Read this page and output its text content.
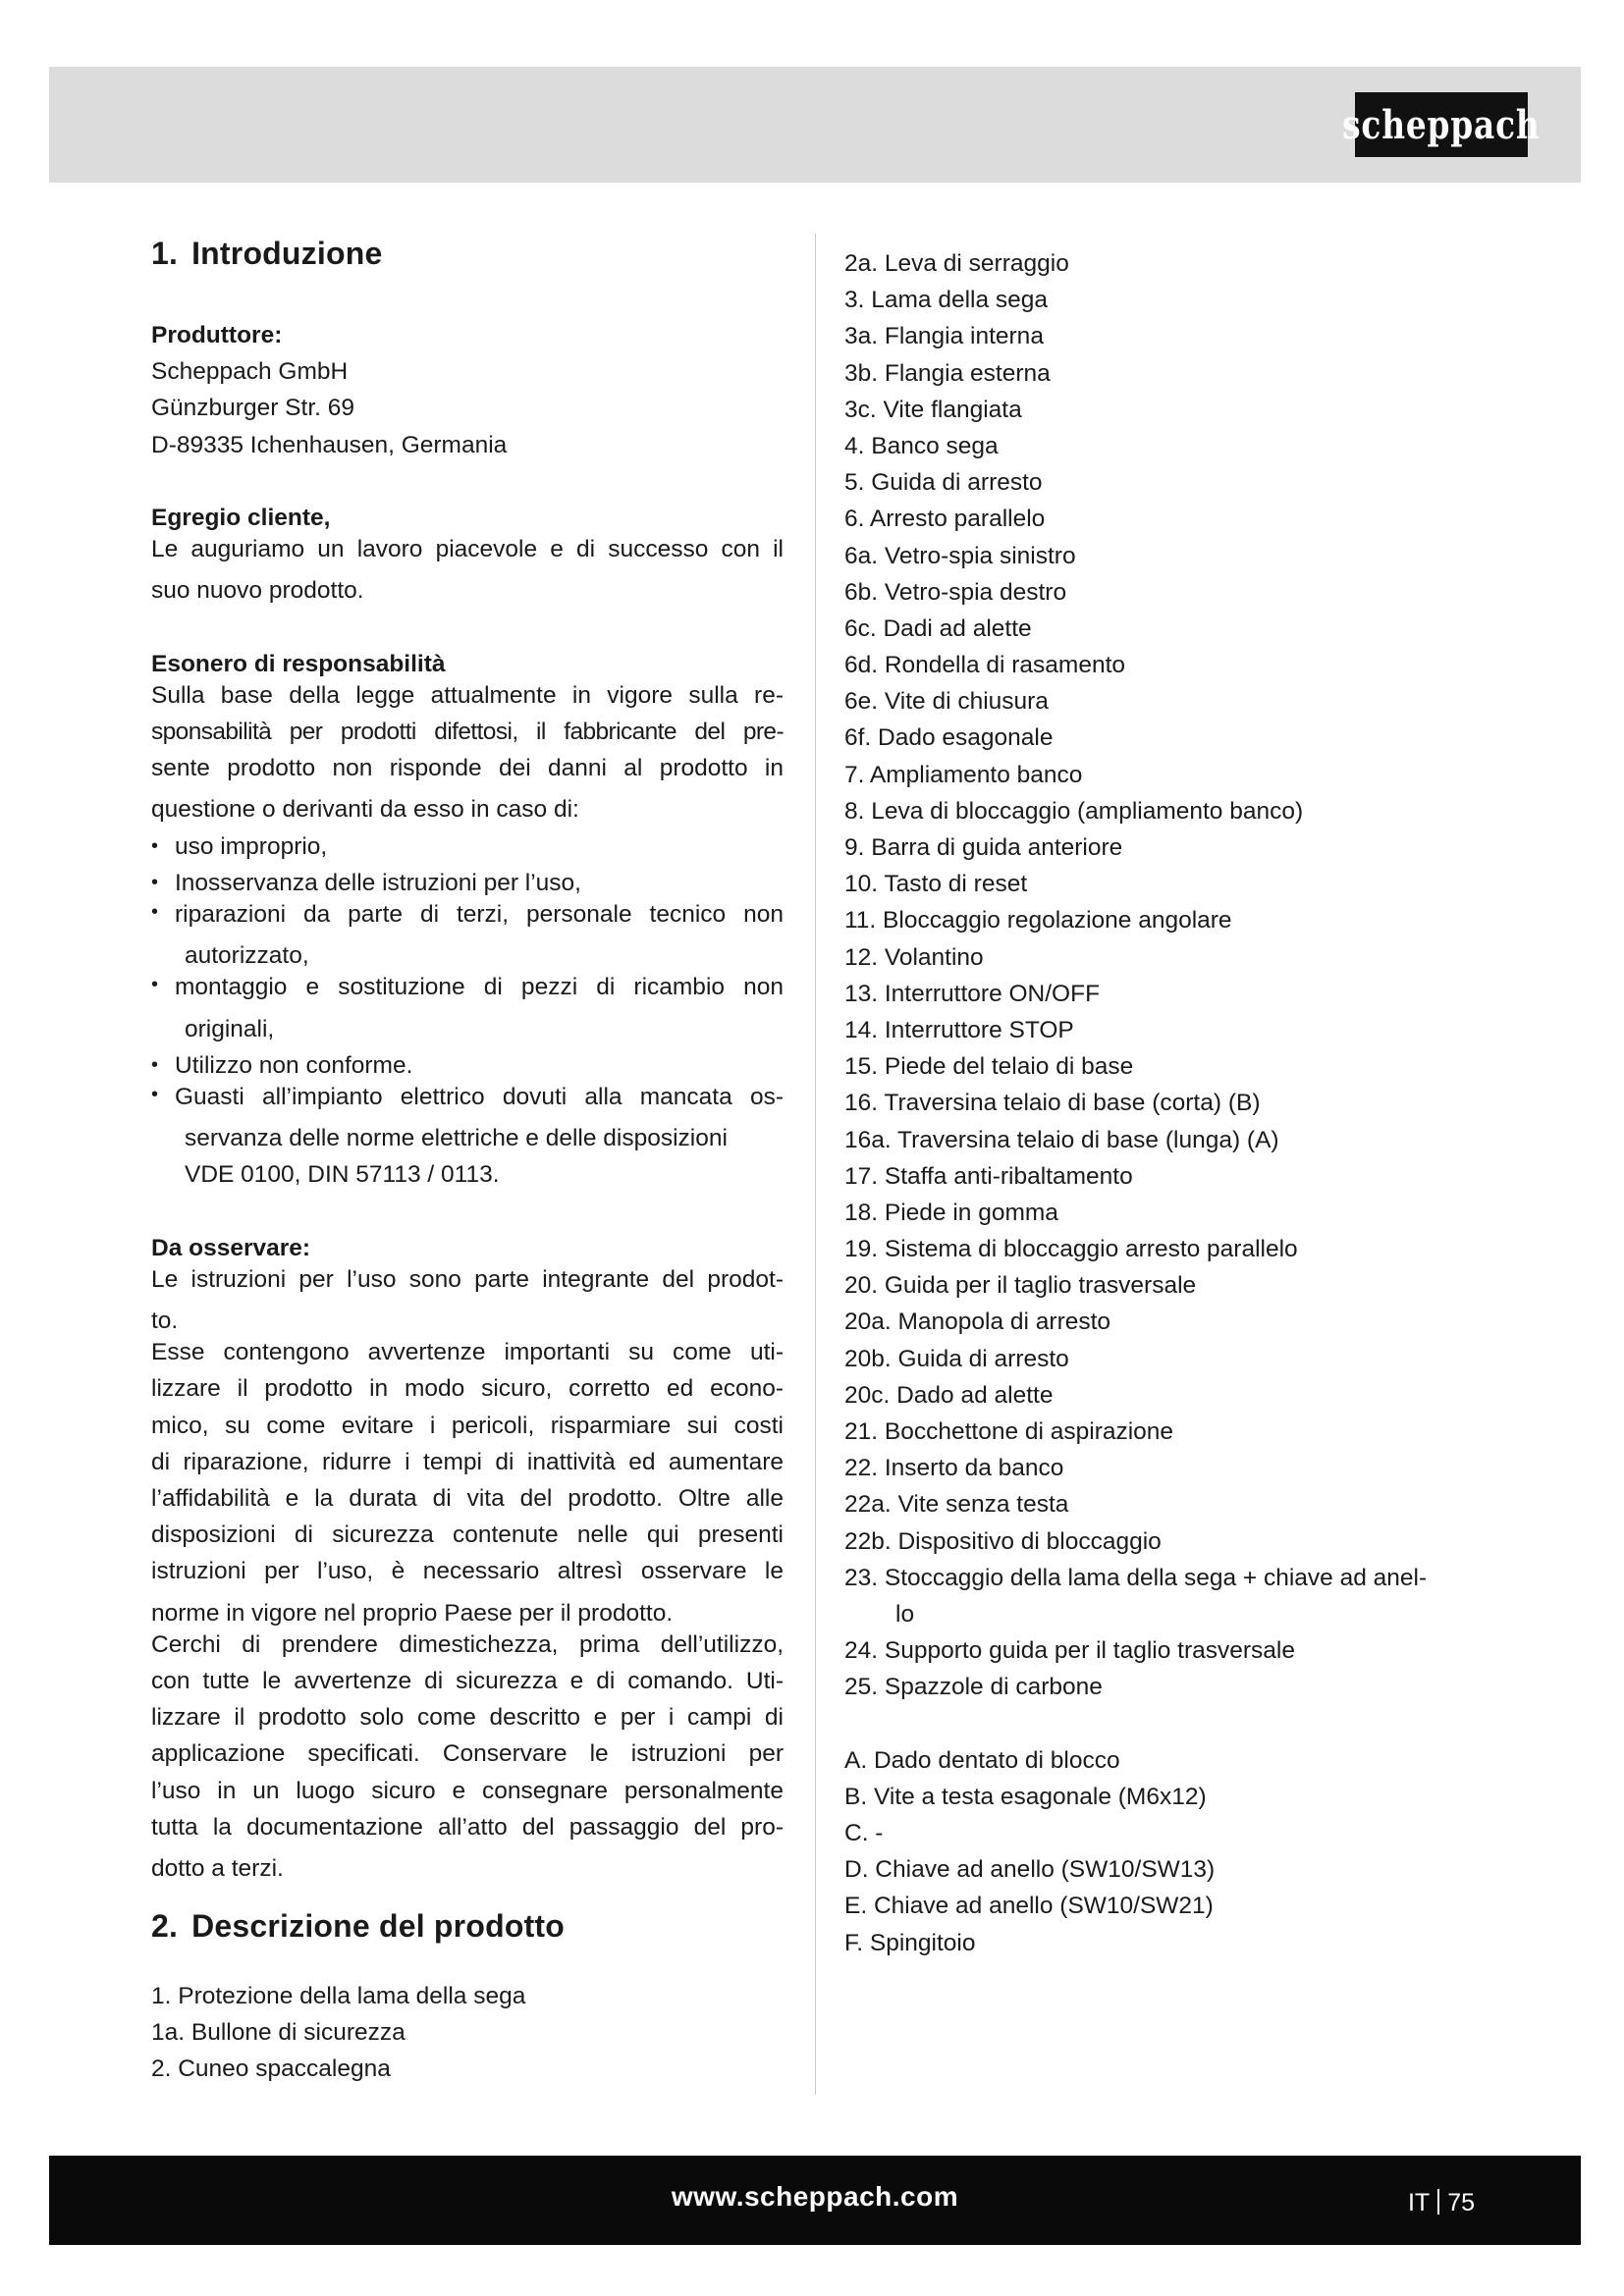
scheppach
1. Introduzione
Produttore:
Scheppach GmbH
Günzburger Str. 69
D-89335 Ichenhausen, Germania
Egregio cliente,
Le auguriamo un lavoro piacevole e di successo con il
suo nuovo prodotto.
Esonero di responsabilità
Sulla base della legge attualmente in vigore sulla re-
sponsabilità per prodotti difettosi, il fabbricante del pre-
sente prodotto non risponde dei danni al prodotto in
questione o derivanti da esso in caso di:
• uso improprio,
• Inosservanza delle istruzioni per l’uso,
• riparazioni da parte di terzi, personale tecnico non
autorizzato,
• montaggio e sostituzione di pezzi di ricambio non
originali,
• Utilizzo non conforme.
• Guasti all’impianto elettrico dovuti alla mancata os-
servanza delle norme elettriche e delle disposizioni
VDE 0100, DIN 57113 / 0113.
Da osservare:
Le istruzioni per l’uso sono parte integrante del prodot-
to.
Esse contengono avvertenze importanti su come uti-
lizzare il prodotto in modo sicuro, corretto ed econo-
mico, su come evitare i pericoli, risparmiare sui costi
di riparazione, ridurre i tempi di inattività ed aumentare
l’affidabilità e la durata di vita del prodotto. Oltre alle
disposizioni di sicurezza contenute nelle qui presenti
istruzioni per l’uso, è necessario altresì osservare le
norme in vigore nel proprio Paese per il prodotto.
Cerchi di prendere dimestichezza, prima dell’utilizzo,
con tutte le avvertenze di sicurezza e di comando. Uti-
lizzare il prodotto solo come descritto e per i campi di
applicazione specificati. Conservare le istruzioni per
l’uso in un luogo sicuro e consegnare personalmente
tutta la documentazione all’atto del passaggio del pro-
dotto a terzi.
2. Descrizione del prodotto
1. Protezione della lama della sega
1a. Bullone di sicurezza
2. Cuneo spaccalegna
2a. Leva di serraggio
3. Lama della sega
3a. Flangia interna
3b. Flangia esterna
3c. Vite flangiata
4. Banco sega
5. Guida di arresto
6. Arresto parallelo
6a. Vetro-spia sinistro
6b. Vetro-spia destro
6c. Dadi ad alette
6d. Rondella di rasamento
6e. Vite di chiusura
6f. Dado esagonale
7. Ampliamento banco
8. Leva di bloccaggio (ampliamento banco)
9. Barra di guida anteriore
10. Tasto di reset
11. Bloccaggio regolazione angolare
12. Volantino
13. Interruttore ON/OFF
14. Interruttore STOP
15. Piede del telaio di base
16. Traversina telaio di base (corta) (B)
16a. Traversina telaio di base (lunga) (A)
17. Staffa anti-ribaltamento
18. Piede in gomma
19. Sistema di bloccaggio arresto parallelo
20. Guida per il taglio trasversale
20a. Manopola di arresto
20b. Guida di arresto
20c. Dado ad alette
21. Bocchettone di aspirazione
22. Inserto da banco
22a. Vite senza testa
22b. Dispositivo di bloccaggio
23. Stoccaggio della lama della sega + chiave ad anel-
lo
24. Supporto guida per il taglio trasversale
25. Spazzole di carbone
A. Dado dentato di blocco
B. Vite a testa esagonale (M6x12)
C. -
D. Chiave ad anello (SW10/SW13)
E. Chiave ad anello (SW10/SW21)
F. Spingitoio
www.scheppach.com	IT 75
